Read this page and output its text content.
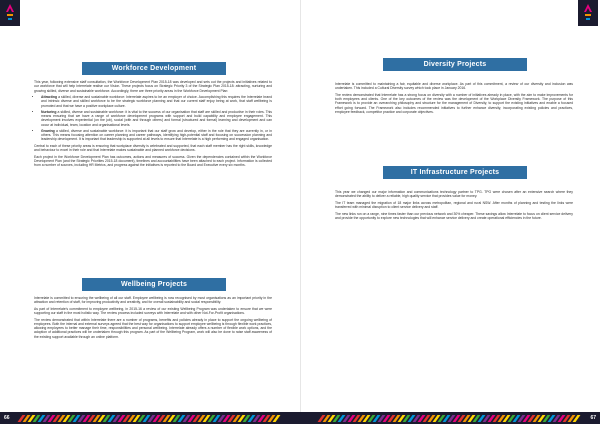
Workforce Development

This year, following extensive staff consultation, the Workforce Development Plan 2015-18 was developed and sets out the projects and initiatives related to our workforce that will help Interrelate realise our Vision. These projects focus on Strategic Priority 3 of the Strategic Plan 2015-18: attracting, nurturing and growing skilled, diverse and sustainable workforce. Accordingly, there are three priority areas in the Workforce Development Plan:

• Attracting a skilled, diverse and sustainable workforce: Interrelate aspires to be an employer of choice. Accomplishing this requires the Interrelate brand and intrinsic diverse and skilled workforce to be the strategic workforce planning and that our current staff enjoy being at work, that staff wellbeing is promoted and that we have a positive workplace culture.
• Nurturing a skilled, diverse and sustainable workforce: it is vital to the success of our organisation that staff are skilled and productive in their roles. This means ensuring that we have a range of workforce development programs with support and build capability and employee engagement. This development involves experiential (on the job), social (with and through others) and formal (structured and formal) learning and development and can occur at individual, team, location and organisational levels.
• Growing a skilled, diverse and sustainable workforce: it is important that our staff grow and develop, either in the role that they are currently in, or in others. This means focusing attention on career planning and career pathways, identifying high-potential staff and focusing on succession planning and leadership development. It is important that leadership is supported at all levels to ensure that Interrelate is a high performing and engaged organisation.

Central to each of these priority areas is ensuring that workplace diversity is celebrated and supported, that each staff member has the right skills, knowledge and behaviour to excel in their role and that Interrelate makes sustainable and planned workforce decisions.

Each project in the Workforce Development Plan has outcomes, actions and measures of success. Given the dependencies contained within the Workforce Development Plan (and the Strategic Priorities 2015-18 document), timelines and accountabilities have been attached to each project. Information is collected from a number of sources, including HR Metrics, and progress against the initiatives is reported to the Board and Executive every six months.

Wellbeing Projects

Interrelate is committed to ensuring the wellbeing of all our staff. Employee wellbeing is now recognised by most organisations as an important priority in the attraction and retention of staff, for improving productivity and creativity, and for overall sustainability and social responsibility.

As part of Interrelate's commitment to employee wellbeing, in 2015-16 a review of our existing Wellbeing Program was undertaken to ensure that we were supporting our staff in the most holistic way. The review process included surveys with Interrelate and with other Not-For-Profit organisations.

The review demonstrated that within Interrelate there are a number of programs, benefits and policies already in place to support the ongoing wellbeing of employees. Both the internal and external surveys agreed that the best way for organisations to support employee wellbeing is through flexible work practices, allowing employees to better manage their time, responsibilities and personal wellbeing. Interrelate already offers a number of flexible work options, and the adoption of additional practices will be undertaken through this program. As part of the Wellbeing Program, work will also be done to raise staff awareness of the existing support available through an online platform.

Diversity Projects

Interrelate is committed to maintaining a fair, equitable and diverse workplace. As part of this commitment, a review of our diversity and inclusion was undertaken. This included a Cultural Diversity survey which took place in January 2016.

The review demonstrated that Interrelate has a strong focus on diversity with a number of initiatives already in place, with the aim to make improvements for both employees and clients. One of the key outcomes of the review was the development of the Workplace Diversity Framework. The purpose of this Framework is to provide an overarching philosophy and structure for the management of Diversity, to support the existing initiatives and enable a focused effort going forward. The Framework also includes recommended initiatives to further enhance diversity, incorporating existing policies and practices, employee feedback, competitor practice and corporate objectives.

IT Infrastructure Projects

This year we changed our major information and communications technology partner to TPG. TPG were chosen after an extensive search where they demonstrated the ability to deliver a reliable, high quality service that provides value for money.

The IT team managed the migration of 18 major links across metropolitan, regional and rural NSW. After months of planning and testing the links were transferred with minimal disruption to client service delivery and staff.

The new links run on a range, nine times faster than our previous network and 30% cheaper. These savings allow Interrelate to focus on client service delivery and provide the opportunity to explore new technologies that will enhance service delivery and create operational efficiencies in the future.

66	67
